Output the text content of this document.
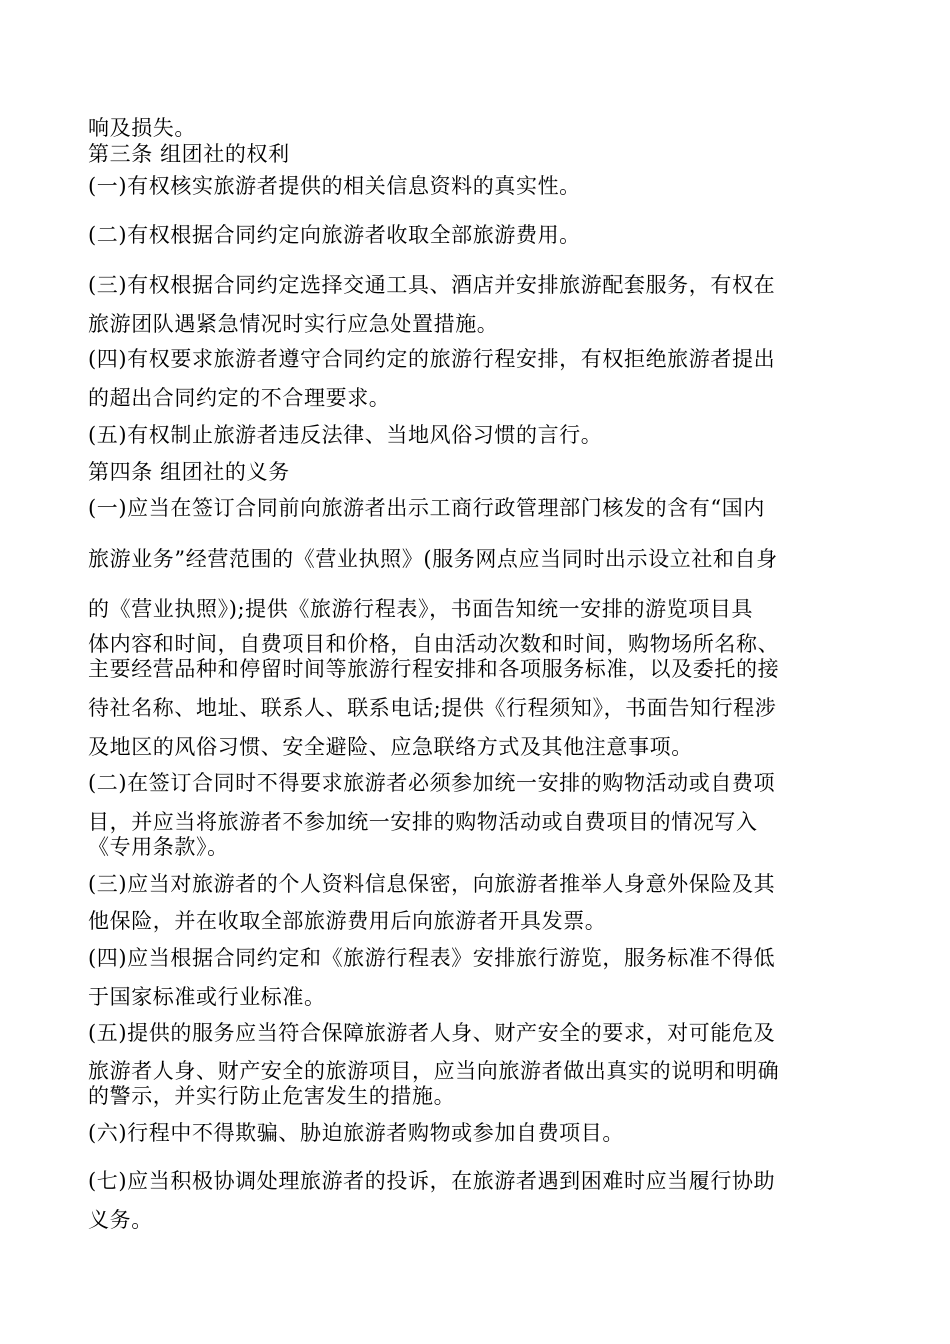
响及损失。
第三条 组团社的权利
(一)有权核实旅游者提供的相关信息资料的真实性。
(二)有权根据合同约定向旅游者收取全部旅游费用。
(三)有权根据合同约定选择交通工具、酒店并安排旅游配套服务，有权在
旅游团队遇紧急情况时实行应急处置措施。
(四)有权要求旅游者遵守合同约定的旅游行程安排，有权拒绝旅游者提出
的超出合同约定的不合理要求。
(五)有权制止旅游者违反法律、当地风俗习惯的言行。
第四条 组团社的义务
(一)应当在签订合同前向旅游者出示工商行政管理部门核发的含有“国内
旅游业务”经营范围的《营业执照》(服务网点应当同时出示设立社和自身
的《营业执照》);提供《旅游行程表》，书面告知统一安排的游览项目具
体内容和时间，自费项目和价格，自由活动次数和时间，购物场所名称、
主要经营品种和停留时间等旅游行程安排和各项服务标准，以及委托的接
待社名称、地址、联系人、联系电话;提供《行程须知》，书面告知行程涉
及地区的风俗习惯、安全避险、应急联络方式及其他注意事项。
(二)在签订合同时不得要求旅游者必须参加统一安排的购物活动或自费项
目，并应当将旅游者不参加统一安排的购物活动或自费项目的情况写入
《专用条款》。
(三)应当对旅游者的个人资料信息保密，向旅游者推举人身意外保险及其
他保险，并在收取全部旅游费用后向旅游者开具发票。
(四)应当根据合同约定和《旅游行程表》安排旅行游览，服务标准不得低
于国家标准或行业标准。
(五)提供的服务应当符合保障旅游者人身、财产安全的要求，对可能危及
旅游者人身、财产安全的旅游项目，应当向旅游者做出真实的说明和明确
的警示，并实行防止危害发生的措施。
(六)行程中不得欺骗、胁迫旅游者购物或参加自费项目。
(七)应当积极协调处理旅游者的投诉，在旅游者遇到困难时应当履行协助
义务。
